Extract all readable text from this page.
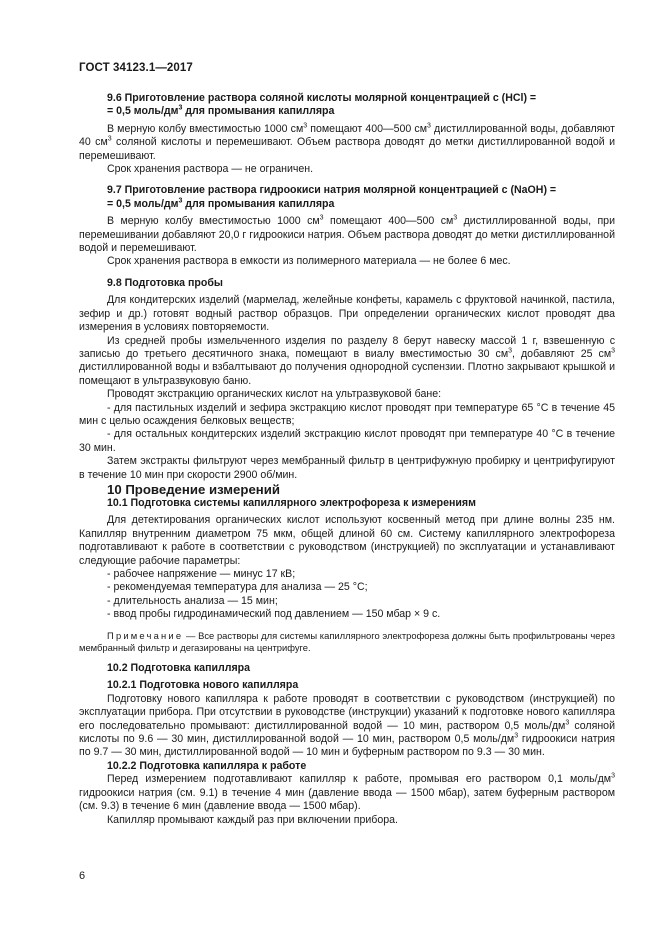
ГОСТ 34123.1—2017

9.6 Приготовление раствора соляной кислоты молярной концентрацией c (HCl) =

= 0,5 моль/$дм^3$ для промывания капилляра

В мерную колбу вместимостью 1000 $см^3$ помещают 400—500 $см^3$ дистиллированной воды, добавляют 40 $см^3$ соляной кислоты и перемешивают. Объем раствора доводят до метки дистиллированной водой и перемешивают.

Срок хранения раствора — не ограничен.

9.7 Приготовление раствора гидроокиси натрия молярной концентрацией c (NaOH) =

= 0,5 моль/$дм^3$ для промывания капилляра

В мерную колбу вместимостью 1000 $см^3$ помещают 400—500 $см^3$ дистиллированной воды, при перемешивании добавляют 20,0 г гидроокиси натрия. Объем раствора доводят до метки дистиллированной водой и перемешивают.

Срок хранения раствора в емкости из полимерного материала — не более 6 мес.

9.8 Подготовка пробы

Для кондитерских изделий (мармелад, желейные конфеты, карамель с фруктовой начинкой, пастила, зефир и др.) готовят водный раствор образцов. При определении органических кислот проводят два измерения в условиях повторяемости.

Из средней пробы измельченного изделия по разделу 8 берут навеску массой 1 г, взвешенную с записью до третьего десятичного знака, помещают в виалу вместимостью 30 $см^3$, добавляют 25 $см^3$ дистиллированной воды и взбалтывают до получения однородной суспензии. Плотно закрывают крышкой и помещают в ультразвуковую баню.

Проводят экстракцию органических кислот на ультразвуковой бане:

- для пастильных изделий и зефира экстракцию кислот проводят при температуре 65 °С в течение 45 мин с целью осаждения белковых веществ;

- для остальных кондитерских изделий экстракцию кислот проводят при температуре 40 °С в течение 30 мин.

Затем экстракты фильтруют через мембранный фильтр в центрифужную пробирку и центрифугируют в течение 10 мин при скорости 2900 об/мин.

10 Проведение измерений

10.1 Подготовка системы капиллярного электрофореза к измерениям

Для детектирования органических кислот используют косвенный метод при длине волны 235 нм. Капилляр внутренним диаметром 75 мкм, общей длиной 60 см. Систему капиллярного электрофореза подготавливают к работе в соответствии с руководством (инструкцией) по эксплуатации и устанавливают следующие рабочие параметры:

- рабочее напряжение — минус 17 кВ;

- рекомендуемая температура для анализа — 25 °С;

- длительность анализа — 15 мин;

- ввод пробы гидродинамический под давлением — 150 мбар × 9 с.

Примечание — Все растворы для системы капиллярного электрофореза должны быть профильтрованы через мембранный фильтр и дегазированы на центрифуге.

10.2 Подготовка капилляра

10.2.1 Подготовка нового капилляра

Подготовку нового капилляра к работе проводят в соответствии с руководством (инструкцией) по эксплуатации прибора. При отсутствии в руководстве (инструкции) указаний к подготовке нового капилляра его последовательно промывают: дистиллированной водой — 10 мин, раствором 0,5 моль/$дм^3$ соляной кислоты по 9.6 — 30 мин, дистиллированной водой — 10 мин, раствором 0,5 моль/$дм^3$ гидроокиси натрия по 9.7 — 30 мин, дистиллированной водой — 10 мин и буферным раствором по 9.3 — 30 мин.

10.2.2 Подготовка капилляра к работе

Перед измерением подготавливают капилляр к работе, промывая его раствором 0,1 моль/$дм^3$ гидроокиси натрия (см. 9.1) в течение 4 мин (давление ввода — 1500 мбар), затем буферным раствором (см. 9.3) в течение 6 мин (давление ввода — 1500 мбар).

Капилляр промывают каждый раз при включении прибора.

6
